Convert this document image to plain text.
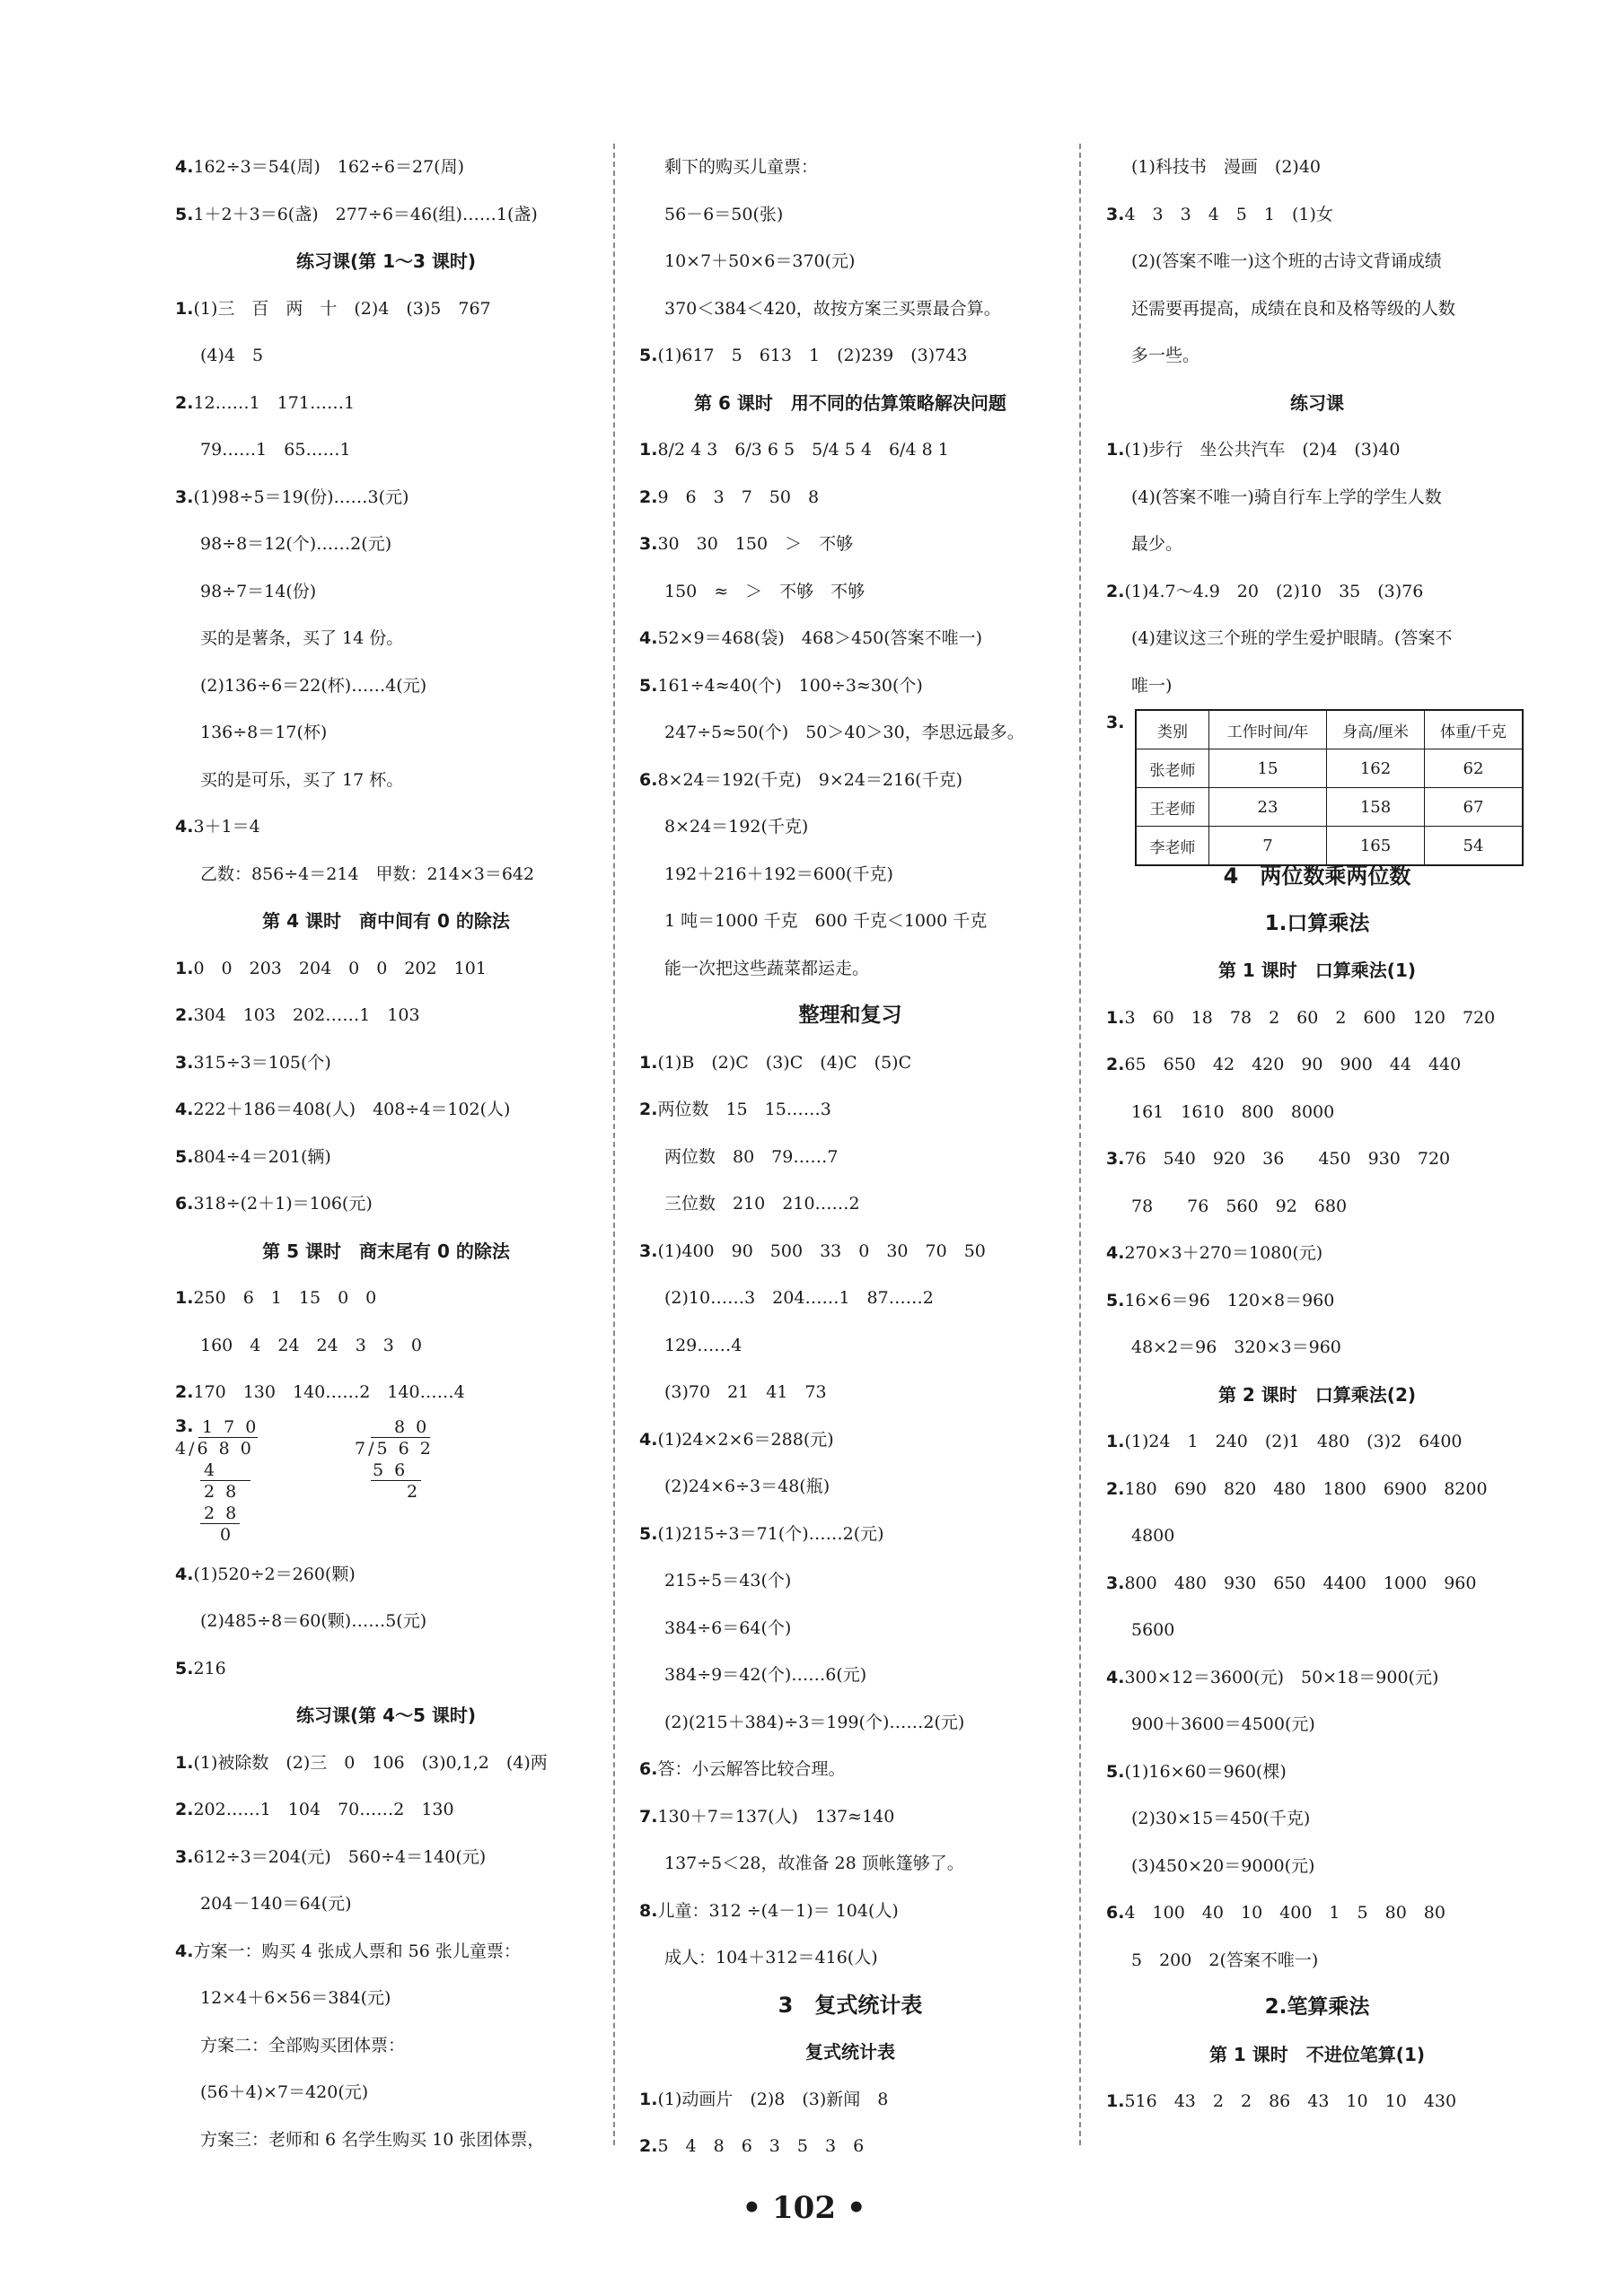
4.162÷3＝54(周)　162÷6＝27(周)
5.1＋2＋3＝6(盏)　277÷6＝46(组)……1(盏)
练习课(第 1～3 课时)
1.(1)三　百　两　十　(2)4　(3)5　767
(4)4　5
2.12……1　171……1
79……1　65……1
3.(1)98÷5＝19(份)……3(元)
98÷8＝12(个)……2(元)
98÷7＝14(份)
买的是薯条，买了 14 份。
(2)136÷6＝22(杯)……4(元)
136÷8＝17(杯)
买的是可乐，买了 17 杯。
4.3＋1＝4
乙数：856÷4＝214　甲数：214×3＝642
第 4 课时　商中间有 0 的除法
1.0　0　203　204　0　0　202　101
2.304　103　202……1　103
3.315÷3＝105(个)
4.222＋186＝408(人)　408÷4＝102(人)
5.804÷4＝201(辆)
6.318÷(2＋1)＝106(元)
第 5 课时　商末尾有 0 的除法
1.250　6　1　15　0　0
160　4　24　24　3　3　0
2.170　130　140……2　140……4
3. 1 7 0
4/6 8 0
4
2 8
2 8
0
8 0
7/5 6 2
5 6
2
4.(1)520÷2＝260(颗)
(2)485÷8＝60(颗)……5(元)
5.216
练习课(第 4～5 课时)
1.(1)被除数　(2)三　0　106　(3)0,1,2　(4)两
2.202……1　104　70……2　130
3.612÷3＝204(元)　560÷4＝140(元)
204－140＝64(元)
4.方案一：购买 4 张成人票和 56 张儿童票：
12×4＋6×56＝384(元)
方案二：全部购买团体票：
(56＋4)×7＝420(元)
方案三：老师和 6 名学生购买 10 张团体票，
剩下的购买儿童票：
56－6＝50(张)
10×7＋50×6＝370(元)
370＜384＜420，故按方案三买票最合算。
5.(1)617　5　613　1　(2)239　(3)743
第 6 课时　用不同的估算策略解决问题
1.8/2 4 3　6/3 6 5　5/4 5 4　6/4 8 1
2.9　6　3　7　50　8
3.30　30　150　＞　不够
150　≈　＞　不够　不够
4.52×9＝468(袋)　468＞450(答案不唯一)
5.161÷4≈40(个)　100÷3≈30(个)
247÷5≈50(个)　50＞40＞30，李思远最多。
6.8×24＝192(千克)　9×24＝216(千克)
8×24＝192(千克)
192＋216＋192＝600(千克)
1 吨＝1000 千克　600 千克＜1000 千克
能一次把这些蔬菜都运走。
整理和复习
1.(1)B　(2)C　(3)C　(4)C　(5)C
2.两位数　15　15……3
两位数　80　79……7
三位数　210　210……2
3.(1)400　90　500　33　0　30　70　50
(2)10……3　204……1　87……2
129……4
(3)70　21　41　73
4.(1)24×2×6＝288(元)
(2)24×6÷3＝48(瓶)
5.(1)215÷3＝71(个)……2(元)
215÷5＝43(个)
384÷6＝64(个)
384÷9＝42(个)……6(元)
(2)(215＋384)÷3＝199(个)……2(元)
6.答：小云解答比较合理。
7.130＋7＝137(人)　137≈140
137÷5＜28，故准备 28 顶帐篷够了。
8.儿童：312 ÷(4－1)＝ 104(人)
成人：104＋312＝416(人)
3　复式统计表
复式统计表
1.(1)动画片　(2)8　(3)新闻　8
2.5　4　8　6　3　5　3　6
(1)科技书　漫画　(2)40
3.4　3　3　4　5　1　(1)女
(2)(答案不唯一)这个班的古诗文背诵成绩
还需要再提高，成绩在良和及格等级的人数
多一些。
练习课
1.(1)步行　坐公共汽车　(2)4　(3)40
(4)(答案不唯一)骑自行车上学的学生人数
最少。
2.(1)4.7～4.9　20　(2)10　35　(3)76
(4)建议这三个班的学生爱护眼睛。(答案不
唯一)
3. 类别	工作时间/年	身高/厘米	体重/千克
张老师	15	162	62
王老师	23	158	67
李老师	7	165	54
4　两位数乘两位数
1.口算乘法
第 1 课时　口算乘法(1)
1.3　60　18　78　2　60　2　600　120　720
2.65　650　42　420　90　900　44　440
161　1610　800　8000
3.76　540　920　36　　450　930　720
78　　76　560　92　680
4.270×3＋270＝1080(元)
5.16×6＝96　120×8＝960
48×2＝96　320×3＝960
第 2 课时　口算乘法(2)
1.(1)24　1　240　(2)1　480　(3)2　6400
2.180　690　820　480　1800　6900　8200
4800
3.800　480　930　650　4400　1000　960
5600
4.300×12＝3600(元)　50×18＝900(元)
900＋3600＝4500(元)
5.(1)16×60＝960(棵)
(2)30×15＝450(千克)
(3)450×20＝9000(元)
6.4　100　40　10　400　1　5　80　80
5　200　2(答案不唯一)
2.笔算乘法
第 1 课时　不进位笔算(1)
1.516　43　2　2　86　43　10　10　430
• 102 •
